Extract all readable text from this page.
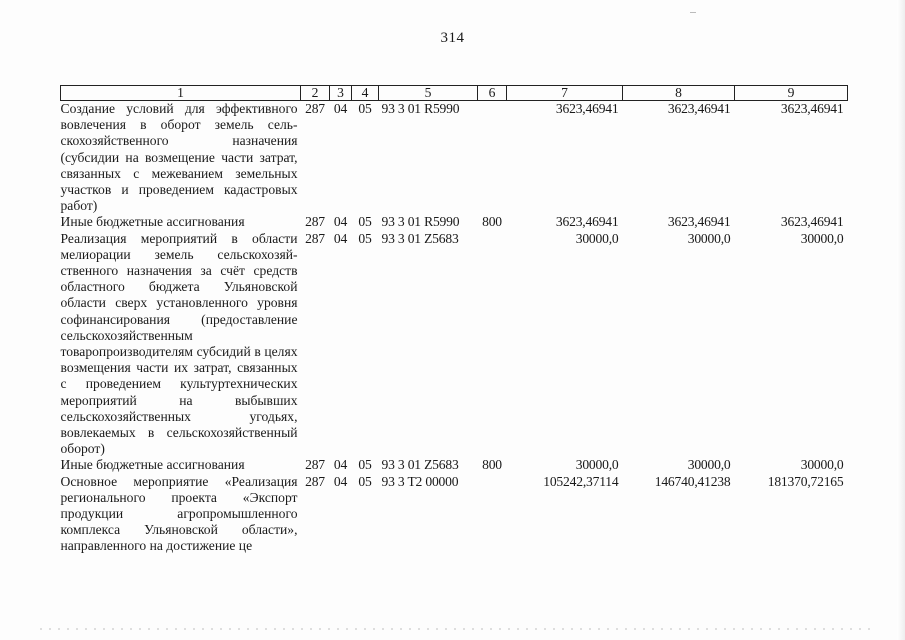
314
1	2	3	4	5	6	7	8	9
Создание условий для эффективного вовлечения в оборот земель сельскохозяйственного назначения (субсидии на возмещение части затрат, связанных с межеванием земельных участков и проведением кадастровых работ)	287	04	05	93 3 01 R5990		3623,46941	3623,46941	3623,46941
Иные бюджетные ассигнования	287	04	05	93 3 01 R5990	800	3623,46941	3623,46941	3623,46941
Реализация мероприятий в области мелиорации земель сельскохозяйственного назначения за счёт средств областного бюджета Ульяновской области сверх установленного уровня софинансирования (предоставление сельскохозяйственным товаропроизводителям субсидий в целях возмещения части их затрат, связанных с проведением культуртехнических мероприятий на выбывших сельскохозяйственных угодьях, вовлекаемых в сельскохозяйственный оборот)	287	04	05	93 3 01 Z5683		30000,0	30000,0	30000,0
Иные бюджетные ассигнования	287	04	05	93 3 01 Z5683	800	30000,0	30000,0	30000,0
Основное мероприятие «Реализация регионального проекта «Экспорт продукции агропромышленного комплекса Ульяновской области», направленного на достижение це	287	04	05	93 3 T2 00000		105242,37114	146740,41238	181370,72165
